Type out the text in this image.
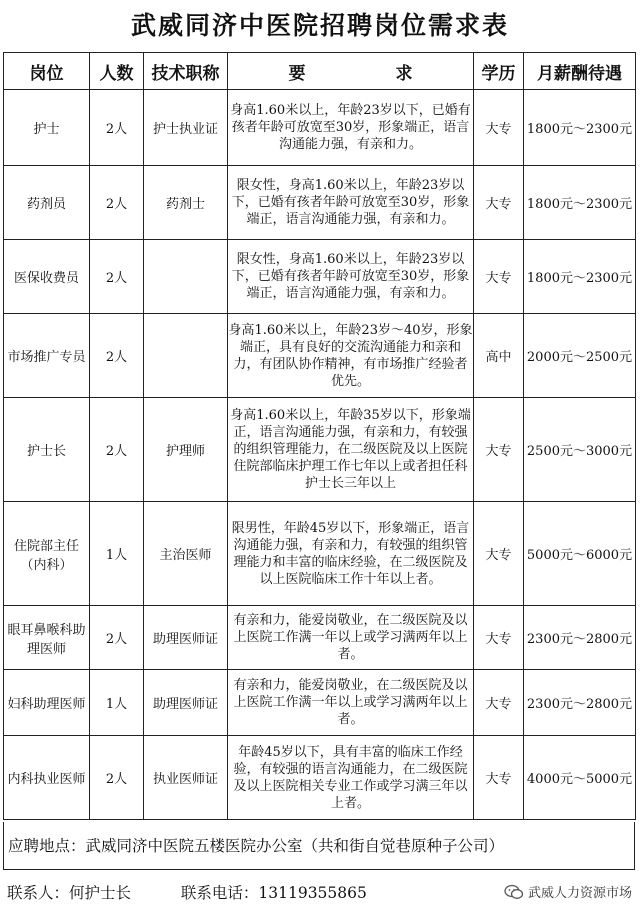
武威同济中医院招聘岗位需求表
岗位	人数	技术职称	要 求	学历	月薪酬待遇
护士	2人	护士执业证	身高1.60米以上，年龄23岁以下，已婚有孩者年龄可放宽至30岁，形象端正，语言沟通能力强，有亲和力。	大专	1800元～2300元
药剂员	2人	药剂士	限女性，身高1.60米以上，年龄23岁以下，已婚有孩者年龄可放宽至30岁，形象端正，语言沟通能力强，有亲和力。	大专	1800元～2300元
医保收费员	2人		限女性，身高1.60米以上，年龄23岁以下，已婚有孩者年龄可放宽至30岁，形象端正，语言沟通能力强，有亲和力。	大专	1800元～2300元
市场推广专员	2人		身高1.60米以上，年龄23岁～40岁，形象端正，具有良好的交流沟通能力和亲和力，有团队协作精神，有市场推广经验者优先。	高中	2000元～2500元
护士长	2人	护理师	身高1.60米以上，年龄35岁以下，形象端正，语言沟通能力强，有亲和力，有较强的组织管理能力，在二级医院及以上医院住院部临床护理工作七年以上或者担任科护士长三年以上	大专	2500元～3000元
住院部主任（内科）	1人	主治医师	限男性，年龄45岁以下，形象端正，语言沟通能力强，有亲和力，有较强的组织管理能力和丰富的临床经验，在二级医院及以上医院临床工作十年以上者。	大专	5000元～6000元
眼耳鼻喉科助理医师	2人	助理医师证	有亲和力，能爱岗敬业，在二级医院及以上医院工作满一年以上或学习满两年以上者。	大专	2300元～2800元
妇科助理医师	1人	助理医师证	有亲和力，能爱岗敬业，在二级医院及以上医院工作满一年以上或学习满两年以上者。	大专	2300元～2800元
内科执业医师	2人	执业医师证	年龄45岁以下，具有丰富的临床工作经验，有较强的语言沟通能力，在二级医院及以上医院相关专业工作或学习满三年以上者。	大专	4000元～5000元
应聘地点：武威同济中医院五楼医院办公室（共和街自觉巷原种子公司）
联系人：何护士长	联系电话：13119355865	武威人力资源市场
